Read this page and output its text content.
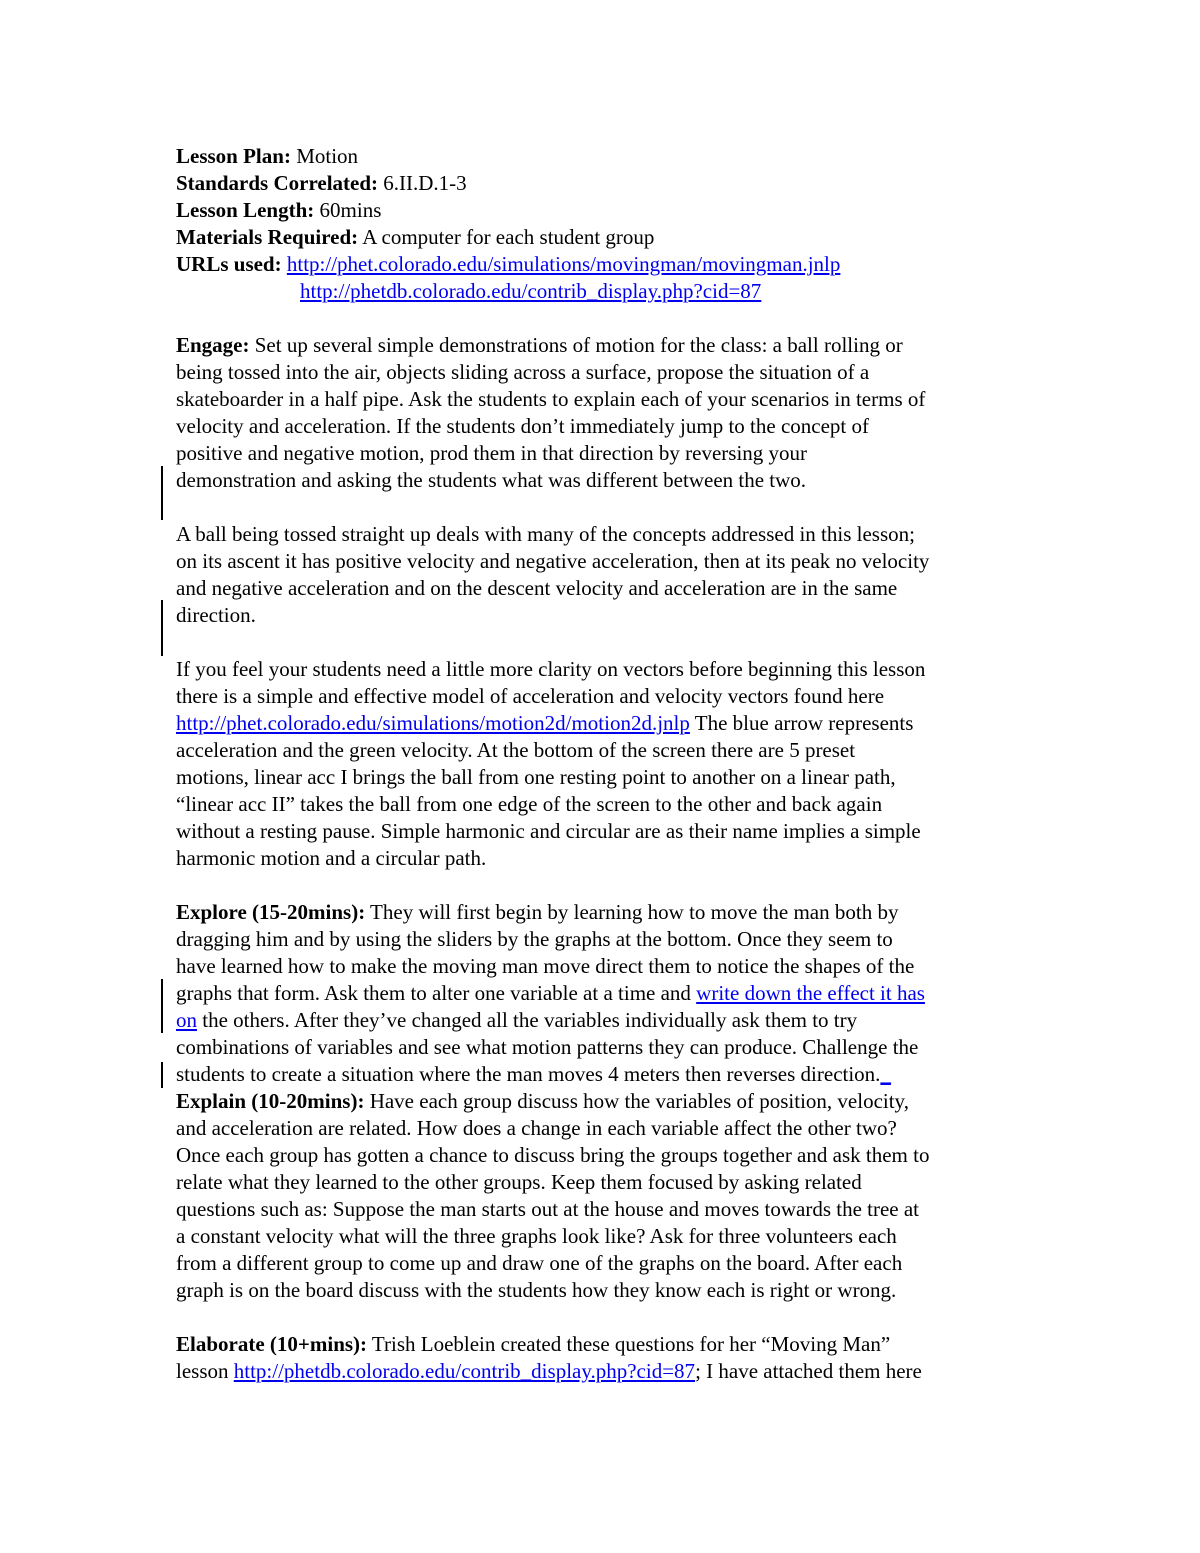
Lesson Plan: Motion
Standards Correlated: 6.II.D.1-3
Lesson Length: 60mins
Materials Required: A computer for each student group
URLs used: http://phet.colorado.edu/simulations/movingman/movingman.jnlp
http://phetdb.colorado.edu/contrib_display.php?cid=87
Engage: Set up several simple demonstrations of motion for the class: a ball rolling or
being tossed into the air, objects sliding across a surface, propose the situation of a
skateboarder in a half pipe. Ask the students to explain each of your scenarios in terms of
velocity and acceleration. If the students don’t immediately jump to the concept of
positive and negative motion, prod them in that direction by reversing your
demonstration and asking the students what was different between the two.
A ball being tossed straight up deals with many of the concepts addressed in this lesson;
on its ascent it has positive velocity and negative acceleration, then at its peak no velocity
and negative acceleration and on the descent velocity and acceleration are in the same
direction.
If you feel your students need a little more clarity on vectors before beginning this lesson
there is a simple and effective model of acceleration and velocity vectors found here
http://phet.colorado.edu/simulations/motion2d/motion2d.jnlp The blue arrow represents
acceleration and the green velocity. At the bottom of the screen there are 5 preset
motions, linear acc I brings the ball from one resting point to another on a linear path,
“linear acc II” takes the ball from one edge of the screen to the other and back again
without a resting pause. Simple harmonic and circular are as their name implies a simple
harmonic motion and a circular path.
Explore (15-20mins): They will first begin by learning how to move the man both by
dragging him and by using the sliders by the graphs at the bottom. Once they seem to
have learned how to make the moving man move direct them to notice the shapes of the
graphs that form. Ask them to alter one variable at a time and write down the effect it has
on the others. After they’ve changed all the variables individually ask them to try
combinations of variables and see what motion patterns they can produce. Challenge the
students to create a situation where the man moves 4 meters then reverses direction._
Explain (10-20mins): Have each group discuss how the variables of position, velocity,
and acceleration are related. How does a change in each variable affect the other two?
Once each group has gotten a chance to discuss bring the groups together and ask them to
relate what they learned to the other groups. Keep them focused by asking related
questions such as: Suppose the man starts out at the house and moves towards the tree at
a constant velocity what will the three graphs look like? Ask for three volunteers each
from a different group to come up and draw one of the graphs on the board. After each
graph is on the board discuss with the students how they know each is right or wrong.
Elaborate (10+mins): Trish Loeblein created these questions for her “Moving Man”
lesson http://phetdb.colorado.edu/contrib_display.php?cid=87; I have attached them here
